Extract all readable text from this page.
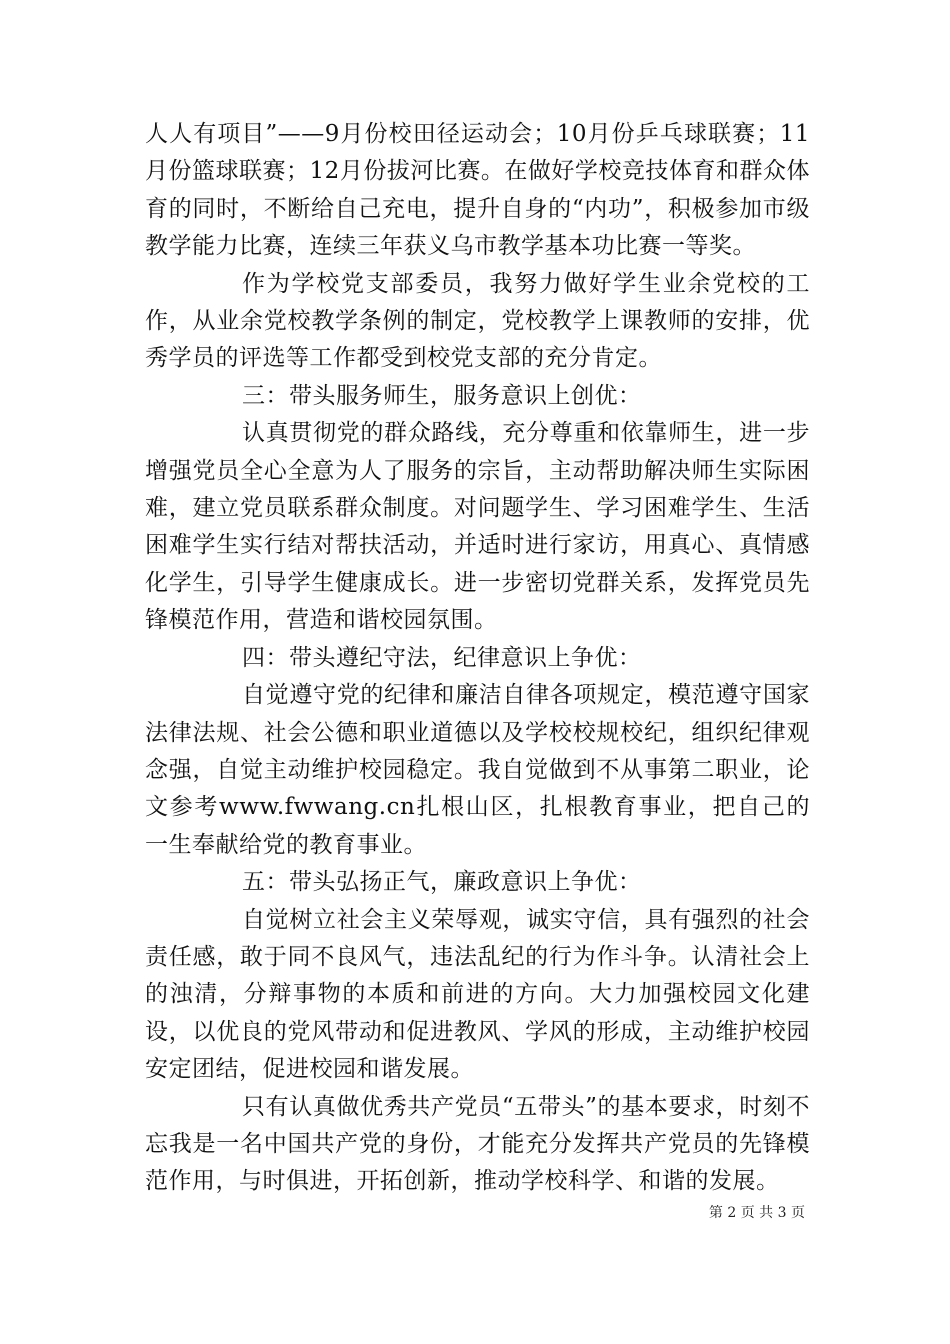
人人有项目”——9月份校田径运动会；10月份乒乓球联赛；11月份篮球联赛；12月份拔河比赛。在做好学校竞技体育和群众体育的同时，不断给自己充电，提升自身的“内功”，积极参加市级教学能力比赛，连续三年获义乌市教学基本功比赛一等奖。

作为学校党支部委员，我努力做好学生业余党校的工作，从业余党校教学条例的制定，党校教学上课教师的安排，优秀学员的评选等工作都受到校党支部的充分肯定。

三：带头服务师生，服务意识上创优：

认真贯彻党的群众路线，充分尊重和依靠师生，进一步增强党员全心全意为人了服务的宗旨，主动帮助解决师生实际困难，建立党员联系群众制度。对问题学生、学习困难学生、生活困难学生实行结对帮扶活动，并适时进行家访，用真心、真情感化学生，引导学生健康成长。进一步密切党群关系，发挥党员先锋模范作用，营造和谐校园氛围。

四：带头遵纪守法，纪律意识上争优：

自觉遵守党的纪律和廉洁自律各项规定，模范遵守国家法律法规、社会公德和职业道德以及学校校规校纪，组织纪律观念强，自觉主动维护校园稳定。我自觉做到不从事第二职业，论文参考www.fwwang.cn扎根山区，扎根教育事业，把自己的一生奉献给党的教育事业。

五：带头弘扬正气，廉政意识上争优：

自觉树立社会主义荣辱观，诚实守信，具有强烈的社会责任感，敢于同不良风气，违法乱纪的行为作斗争。认清社会上的浊清，分辩事物的本质和前进的方向。大力加强校园文化建设，以优良的党风带动和促进教风、学风的形成，主动维护校园安定团结，促进校园和谐发展。

只有认真做优秀共产党员“五带头”的基本要求，时刻不忘我是一名中国共产党的身份，才能充分发挥共产党员的先锋模范作用，与时俱进，开拓创新，推动学校科学、和谐的发展。

第 2 页 共 3 页
